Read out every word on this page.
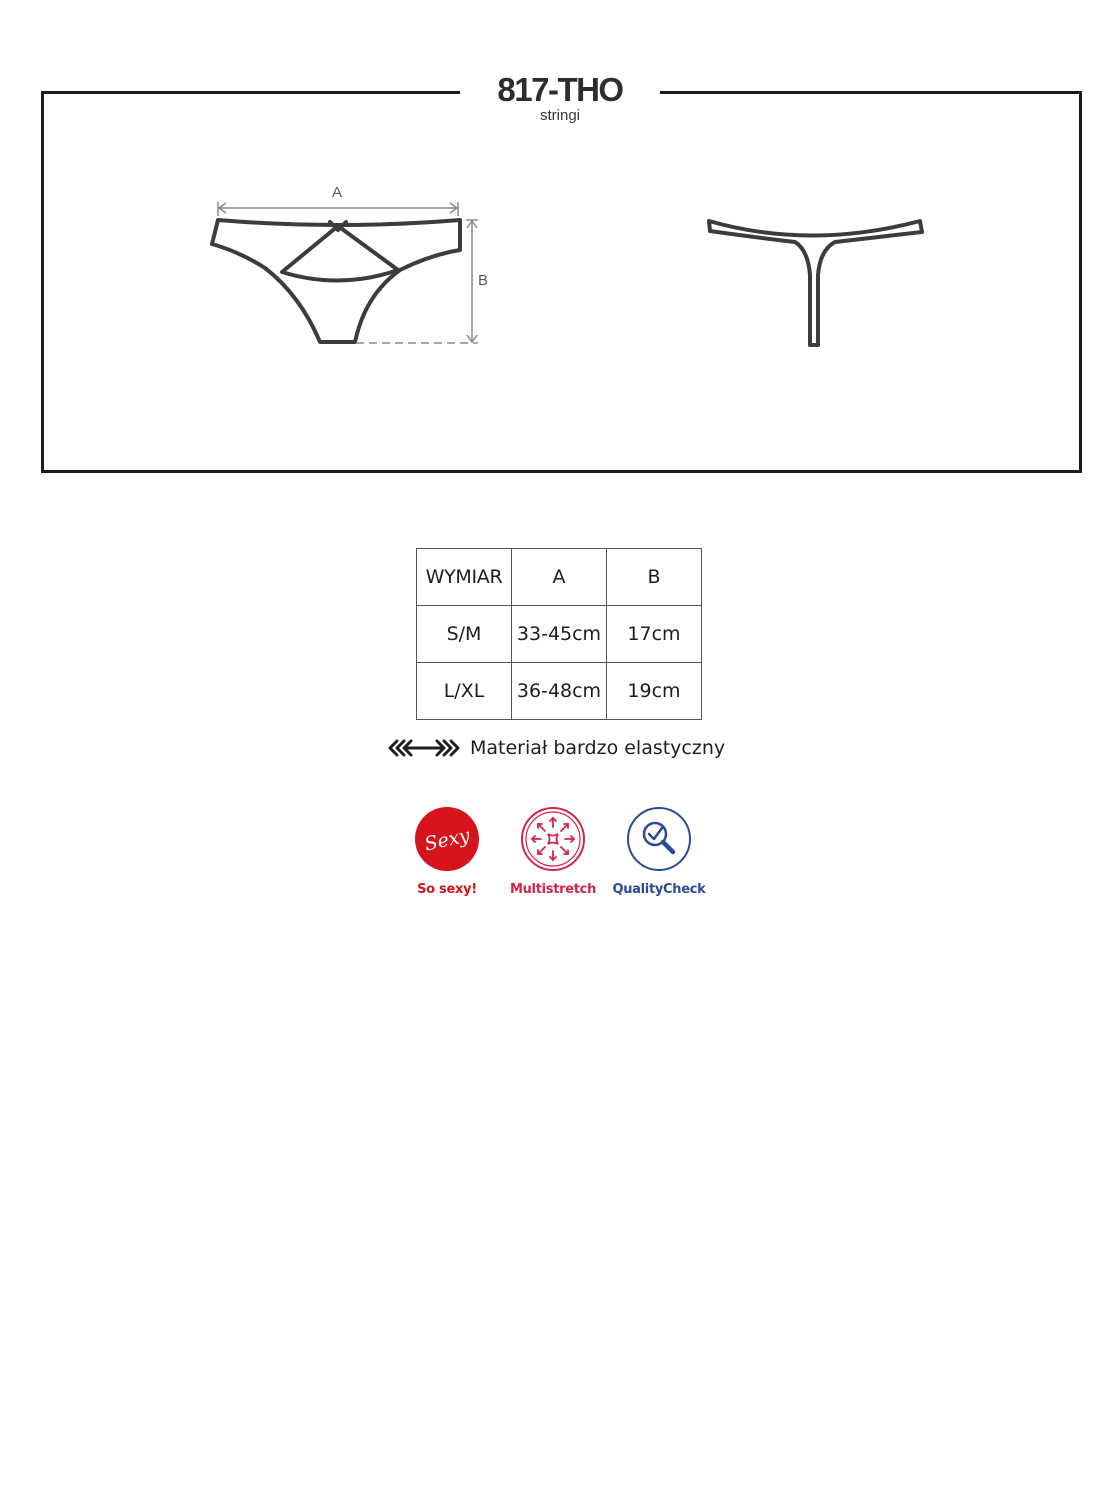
817-THO
stringi
A
B
WYMIAR	A	B
S/M	33-45cm	17cm
L/XL	36-48cm	19cm
Materiał bardzo elastyczny
Sexy
So sexy!	Multistretch	QualityCheck
